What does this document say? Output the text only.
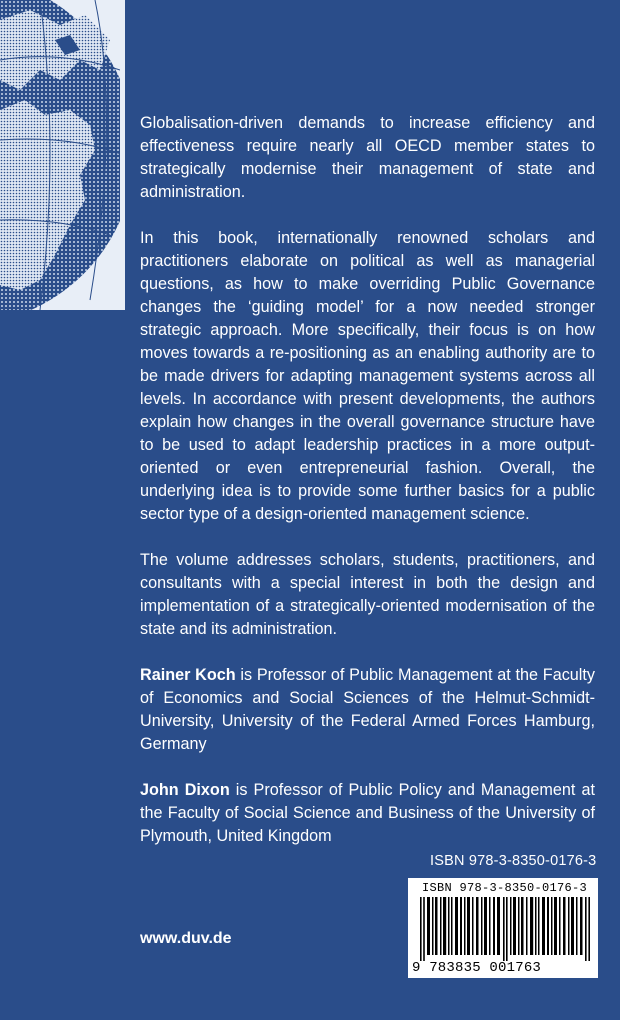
Globalisation-driven demands to increase efficiency and effectiveness require nearly all OECD member states to strategically modernise their management of state and administration.

In this book, internationally renowned scholars and practitioners elaborate on political as well as managerial questions, as how to make overriding Public Governance changes the ‘guiding model’ for a now needed stronger strategic approach. More specifically, their focus is on how moves towards a re-positioning as an enabling authority are to be made drivers for adapting management systems across all levels. In accordance with present developments, the authors explain how changes in the overall governance structure have to be used to adapt leadership practices in a more output-oriented or even entrepreneurial fashion. Overall, the underlying idea is to provide some further basics for a public sector type of a design-oriented management science.

The volume addresses scholars, students, practitioners, and consultants with a special interest in both the design and implementation of a strategically-oriented modernisation of the state and its administration.

Rainer Koch is Professor of Public Management at the Faculty of Economics and Social Sciences of the Helmut-Schmidt-University, University of the Federal Armed Forces Hamburg, Germany

John Dixon is Professor of Public Policy and Management at the Faculty of Social Science and Business of the University of Plymouth, United Kingdom

ISBN 978-3-8350-0176-3
www.duv.de
ISBN 978-3-8350-0176-3
9 783835 001763
